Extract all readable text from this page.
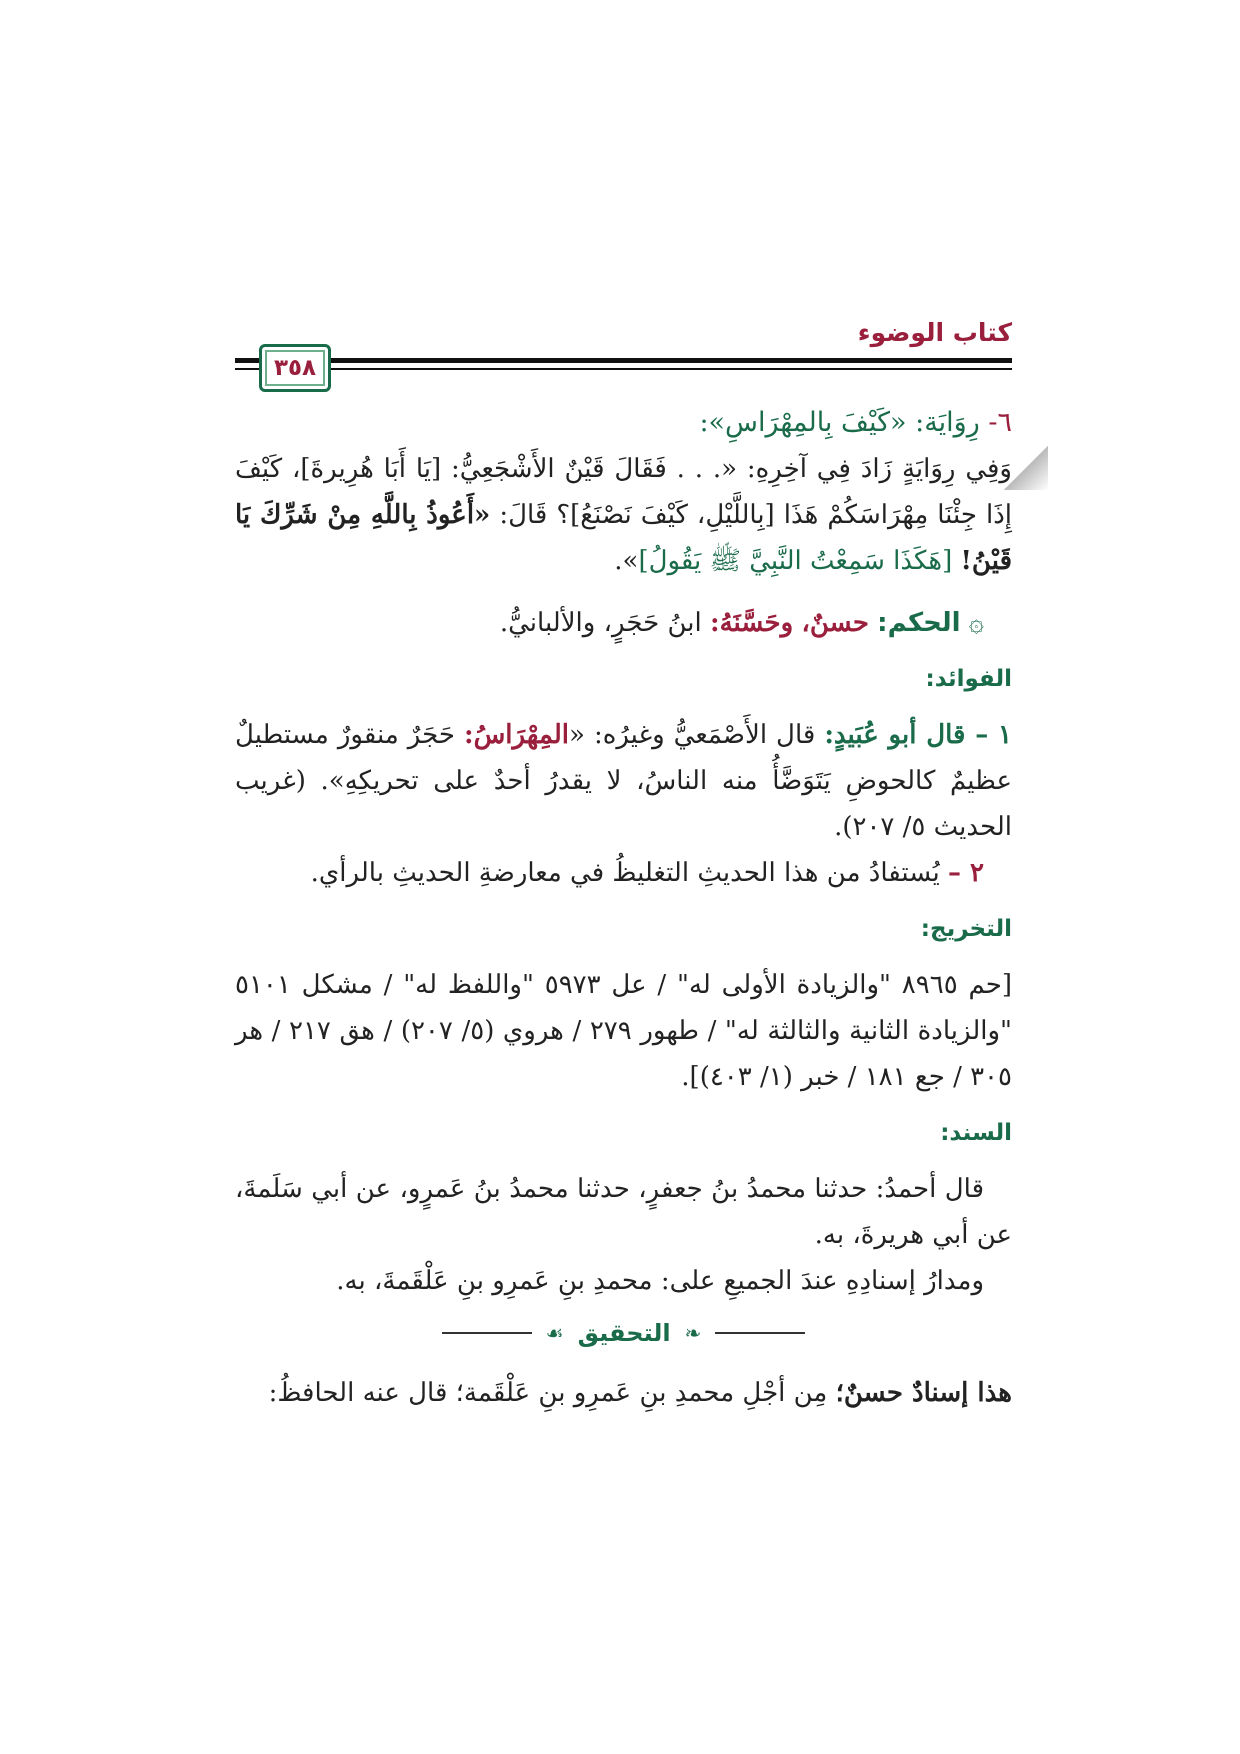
كتاب الوضوء
٣٥٨

٦- رِوَايَة: «كَيْفَ بِالمِهْرَاسِ»:

وَفِي رِوَايَةٍ زَادَ فِي آخِرِهِ: «. . . فَقَالَ قَيْنٌ الأَشْجَعِيُّ: [يَا أَبَا هُرِيرةَ]، كَيْفَ إِذَا جِئْنَا مِهْرَاسَكُمْ هَذَا [بِاللَّيْلِ، كَيْفَ نَصْنَعُ]؟ قَالَ: «أَعُوذُ بِاللَّهِ مِنْ شَرِّكَ يَا قَيْنُ! [هَكَذَا سَمِعْتُ النَّبِيَّ ﷺ يَقُولُ]».

۞ الحكم: حسنٌ، وحَسَّنَهُ: ابنُ حَجَرٍ، والألبانيُّ.

الفوائد:

١ – قال أبو عُبَيدٍ: قال الأَصْمَعيُّ وغيرُه: «المِهْرَاسُ: حَجَرٌ منقورٌ مستطيلٌ عظيمٌ كالحوضِ يَتَوَضَّأُ منه الناسُ، لا يقدرُ أحدٌ على تحريكِهِ». (غريب الحديث ٥/ ٢٠٧).

٢ – يُستفادُ من هذا الحديثِ التغليظُ في معارضةِ الحديثِ بالرأي.

التخريج:

[حم ٨٩٦٥ "والزيادة الأولى له" / عل ٥٩٧٣ "واللفظ له" / مشكل ٥١٠١ "والزيادة الثانية والثالثة له" / طهور ٢٧٩ / هروي (٥/ ٢٠٧) / هق ٢١٧ / هر ٣٠٥ / جع ١٨١ / خبر (١/ ٤٠٣)].

السند:

قال أحمدُ: حدثنا محمدُ بنُ جعفرٍ، حدثنا محمدُ بنُ عَمرٍو، عن أبي سَلَمةَ، عن أبي هريرةَ، به.

ومدارُ إسنادِهِ عندَ الجميعِ على: محمدِ بنِ عَمرِو بنِ عَلْقَمةَ، به.

❧
التحقيق
☙

هذا إسنادٌ حسنٌ؛ مِن أجْلِ محمدِ بنِ عَمرِو بنِ عَلْقَمة؛ قال عنه الحافظُ:
